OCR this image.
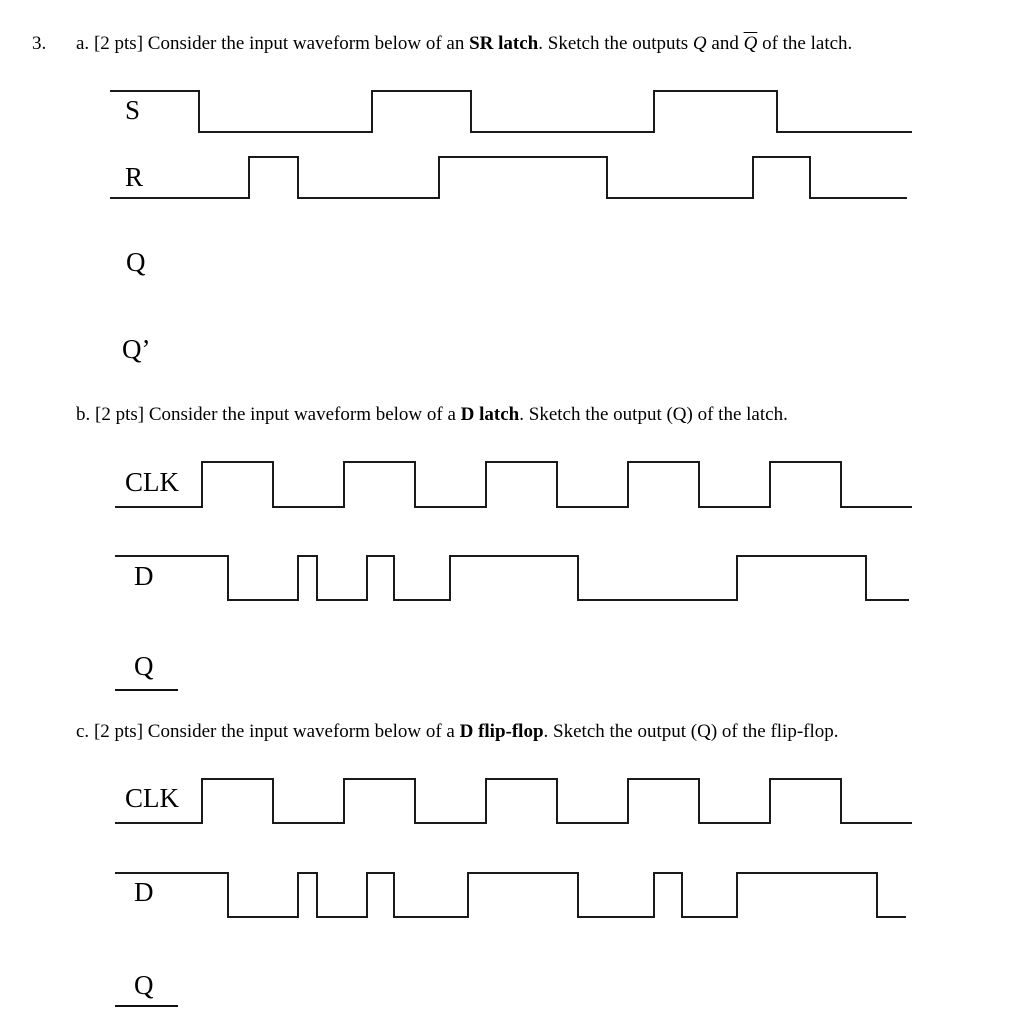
3. a. [2 pts] Consider the input waveform below of an SR latch. Sketch the outputs Q and $\overline{Q}$ of the latch.
S
R
Q
Q’
b. [2 pts] Consider the input waveform below of a D latch. Sketch the output (Q) of the latch.
CLK
D
Q
c. [2 pts] Consider the input waveform below of a D flip-flop. Sketch the output (Q) of the flip-flop.
CLK
D
Q
